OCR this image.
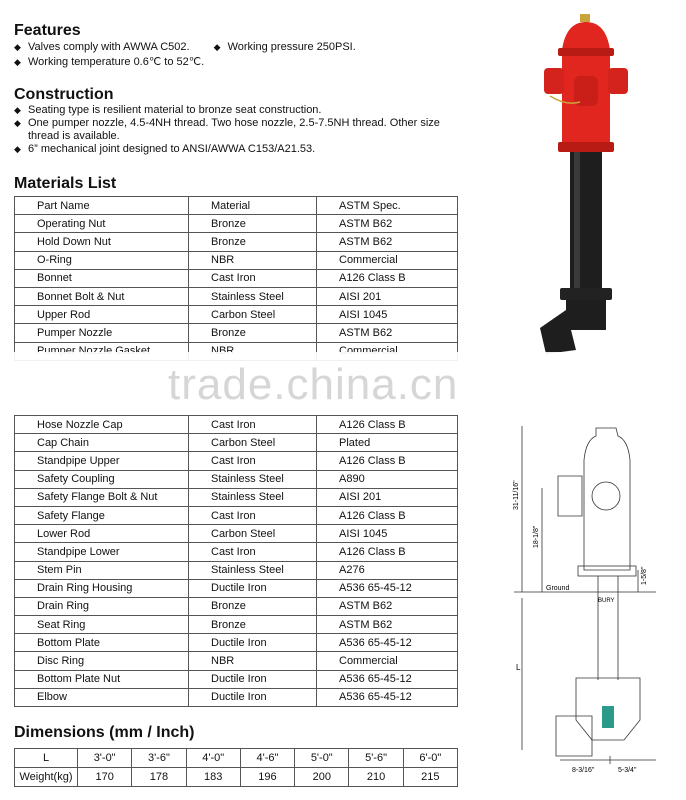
Features
◆ Valves comply with AWWA C502.	◆ Working pressure 250PSI.
◆ Working temperature 0.6℃ to 52℃.
Construction
◆ Seating type is resilient material to bronze seat construction.
◆ One pumper nozzle, 4.5-4NH thread. Two hose nozzle, 2.5-7.5NH thread. Other size
thread is available.
◆ 6” mechanical joint designed to ANSI/AWWA C153/A21.53.
Materials List
Part Name	Material	ASTM Spec.
Operating Nut	Bronze	ASTM B62
Hold Down Nut	Bronze	ASTM B62
O-Ring	NBR	Commercial
Bonnet	Cast Iron	A126 Class B
Bonnet Bolt & Nut	Stainless Steel	AISI 201
Upper Rod	Carbon Steel	AISI 1045
Pumper Nozzle	Bronze	ASTM B62

Hose Nozzle Cap	Cast Iron	A126 Class B
Cap Chain	Carbon Steel	Plated
Standpipe Upper	Cast Iron	A126 Class B
Safety Coupling	Stainless Steel	A890
Safety Flange Bolt & Nut	Stainless Steel	AISI 201
Safety Flange	Cast Iron	A126 Class B
Lower Rod	Carbon Steel	AISI 1045
Standpipe Lower	Cast Iron	A126 Class B
Stem Pin	Stainless Steel	A276
Drain Ring Housing	Ductile Iron	A536 65-45-12
Drain Ring	Bronze	ASTM B62
Seat Ring	Bronze	ASTM B62
Bottom Plate	Ductile Iron	A536 65-45-12
Disc Ring	NBR	Commercial
Bottom Plate Nut	Ductile Iron	A536 65-45-12
Elbow	Ductile Iron	A536 65-45-12
trade.china.cn
31-11/16"
18-1/8"
1-5/8"
Ground
BURY
L
8-3/16"	5-3/4"
Dimensions (mm / Inch)
L	3'-0"	3'-6"	4'-0"	4'-6"	5'-0"	5'-6"	6'-0"
Weight(kg)	170	178	183	196	200	210	215
